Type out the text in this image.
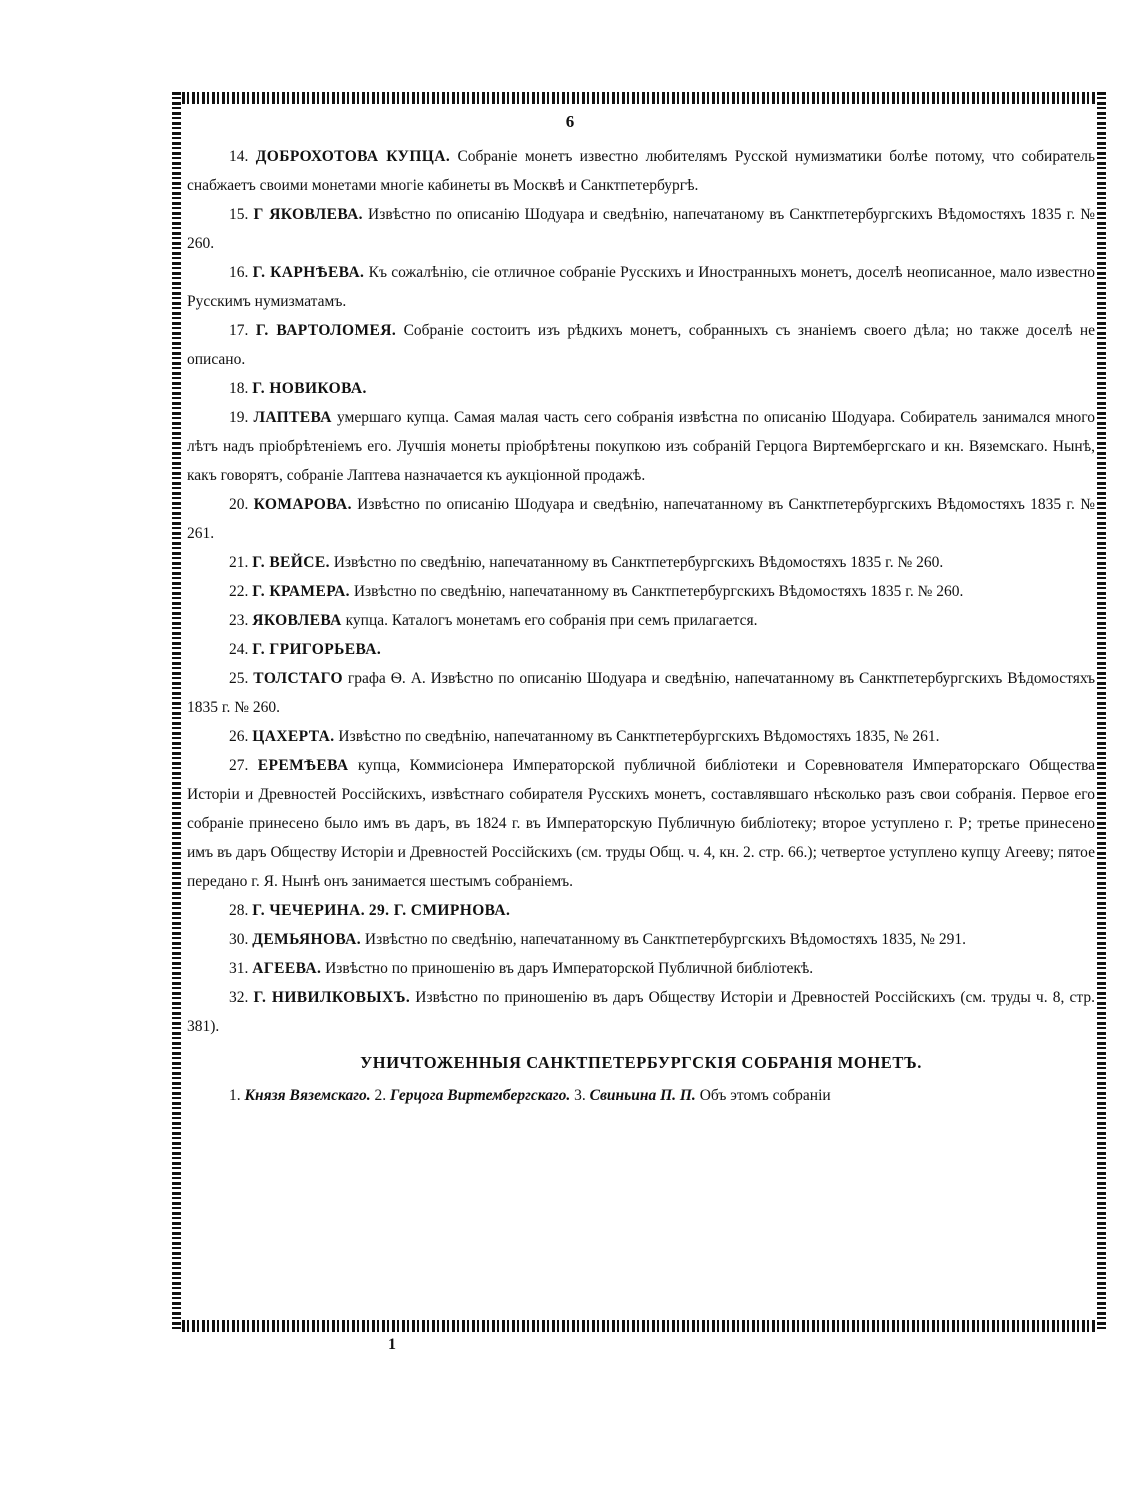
6

14. ДОБРОХОТОВА КУПЦА. Собраніе монетъ известно любителямъ Русской нумизматики болѣе потому, что собиратель снабжаетъ своими монетами многіе кабинеты въ Москвѣ и Санктпетербургѣ.

15. Г ЯКОВЛЕВА. Извѣстно по описанію Шодуара и сведѣнію, напечатаному въ Санктпетербургскихъ Вѣдомостяхъ 1835 г. № 260.

16. Г. КАРНѢЕВА. Къ сожалѣнію, сіе отличное собраніе Русскихъ и Иностранныхъ монетъ, доселѣ неописанное, мало известно Русскимъ нумизматамъ.

17. Г. ВАРТОЛОМЕЯ. Собраніе состоитъ изъ рѣдкихъ монетъ, собранныхъ съ знаніемъ своего дѣла; но также доселѣ не описано.

18. Г. НОВИКОВА.

19. ЛАПТЕВА умершаго купца. Самая малая часть сего собранія извѣстна по описанію Шодуара. Собиратель занимался много лѣтъ надъ пріобрѣтеніемъ его. Лучшія монеты пріобрѣтены покупкою изъ собраній Герцога Виртембергскаго и кн. Вяземскаго. Нынѣ, какъ говорятъ, собраніе Лаптева назначается къ аукціонной продажѣ.

20. КОМАРОВА. Извѣстно по описанію Шодуара и сведѣнію, напечатанному въ Санктпетербургскихъ Вѣдомостяхъ 1835 г. № 261.

21. Г. ВЕЙСЕ. Извѣстно по сведѣнію, напечатанному въ Санктпетербургскихъ Вѣдомостяхъ 1835 г. № 260.

22. Г. КРАМЕРА. Извѣстно по сведѣнію, напечатанному въ Санктпетербургскихъ Вѣдомостяхъ 1835 г. № 260.

23. ЯКОВЛЕВА купца. Каталогъ монетамъ его собранія при семъ прилагается.

24. Г. ГРИГОРЬЕВА.

25. ТОЛСТАГО графа Ѳ. А. Извѣстно по описанію Шодуара и сведѣнію, напечатанному въ Санктпетербургскихъ Вѣдомостяхъ 1835 г. № 260.

26. ЦАХЕРТА. Извѣстно по сведѣнію, напечатанному въ Санктпетербургскихъ Вѣдомостяхъ 1835, № 261.

27. ЕРЕМѢЕВА купца, Коммисіонера Императорской публичной библіотеки и Соревнователя Императорскаго Общества Исторіи и Древностей Россійскихъ, извѣстнаго собирателя Русскихъ монетъ, составлявшаго нѣсколько разъ свои собранія. Первое его собраніе принесено было имъ въ даръ, въ 1824 г. въ Императорскую Публичную библіотеку; второе уступлено г. Р; третье принесено имъ въ даръ Обществу Исторіи и Древностей Россійскихъ (см. труды Общ. ч. 4, кн. 2. стр. 66.); четвертое уступлено купцу Агееву; пятое передано г. Я. Нынѣ онъ занимается шестымъ собраніемъ.

28. Г. ЧЕЧЕРИНА. 29. Г. СМИРНОВА.

30. ДЕМЬЯНОВА. Извѣстно по сведѣнію, напечатанному въ Санктпетербургскихъ Вѣдомостяхъ 1835, № 291.

31. АГЕЕВА. Извѣстно по приношенію въ даръ Императорской Публичной библіотекѣ.

32. Г. НИВИЛКОВЫХЪ. Извѣстно по приношенію въ даръ Обществу Исторіи и Древностей Россійскихъ (см. труды ч. 8, стр. 381).

УНИЧТОЖЕННЫЯ САНКТПЕТЕРБУРГСКІЯ СОБРАНІЯ МОНЕТЪ.

1. Князя Вяземскаго. 2. Герцога Виртембергскаго. 3. Свиньина П. П. Объ этомъ собраніи

1
